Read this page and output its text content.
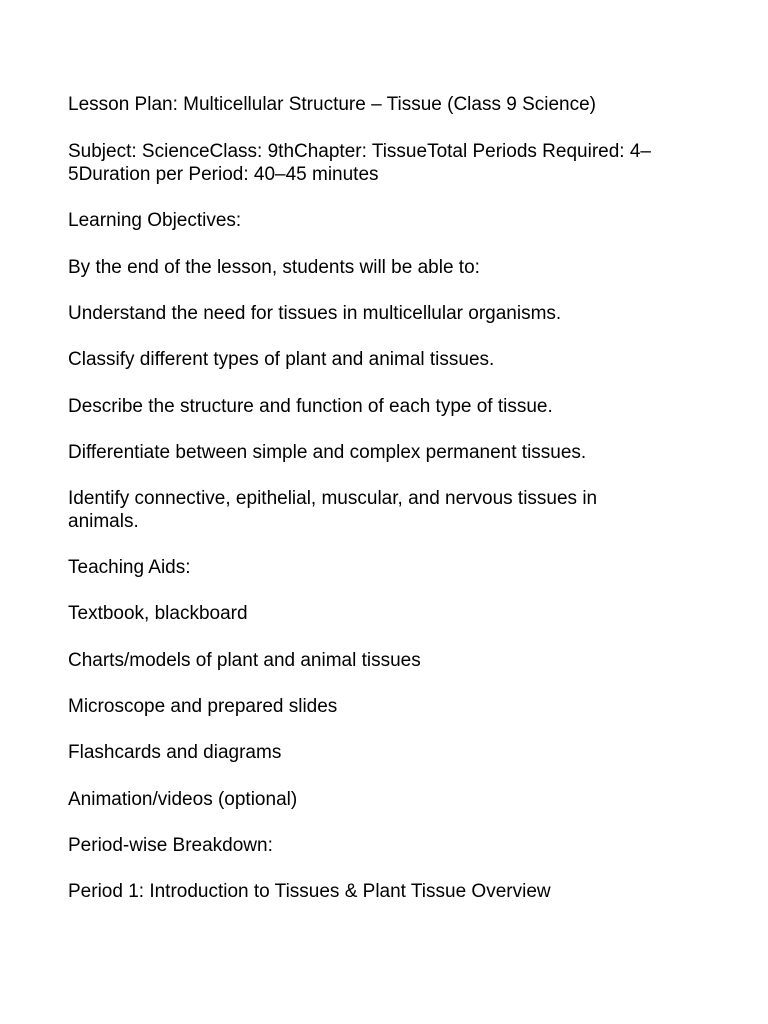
Lesson Plan: Multicellular Structure – Tissue (Class 9 Science)

Subject: ScienceClass: 9thChapter: TissueTotal Periods Required: 4–5Duration per Period: 40–45 minutes

Learning Objectives:

By the end of the lesson, students will be able to:

Understand the need for tissues in multicellular organisms.

Classify different types of plant and animal tissues.

Describe the structure and function of each type of tissue.

Differentiate between simple and complex permanent tissues.

Identify connective, epithelial, muscular, and nervous tissues in animals.

Teaching Aids:

Textbook, blackboard

Charts/models of plant and animal tissues

Microscope and prepared slides

Flashcards and diagrams

Animation/videos (optional)

Period-wise Breakdown:

Period 1: Introduction to Tissues & Plant Tissue Overview
